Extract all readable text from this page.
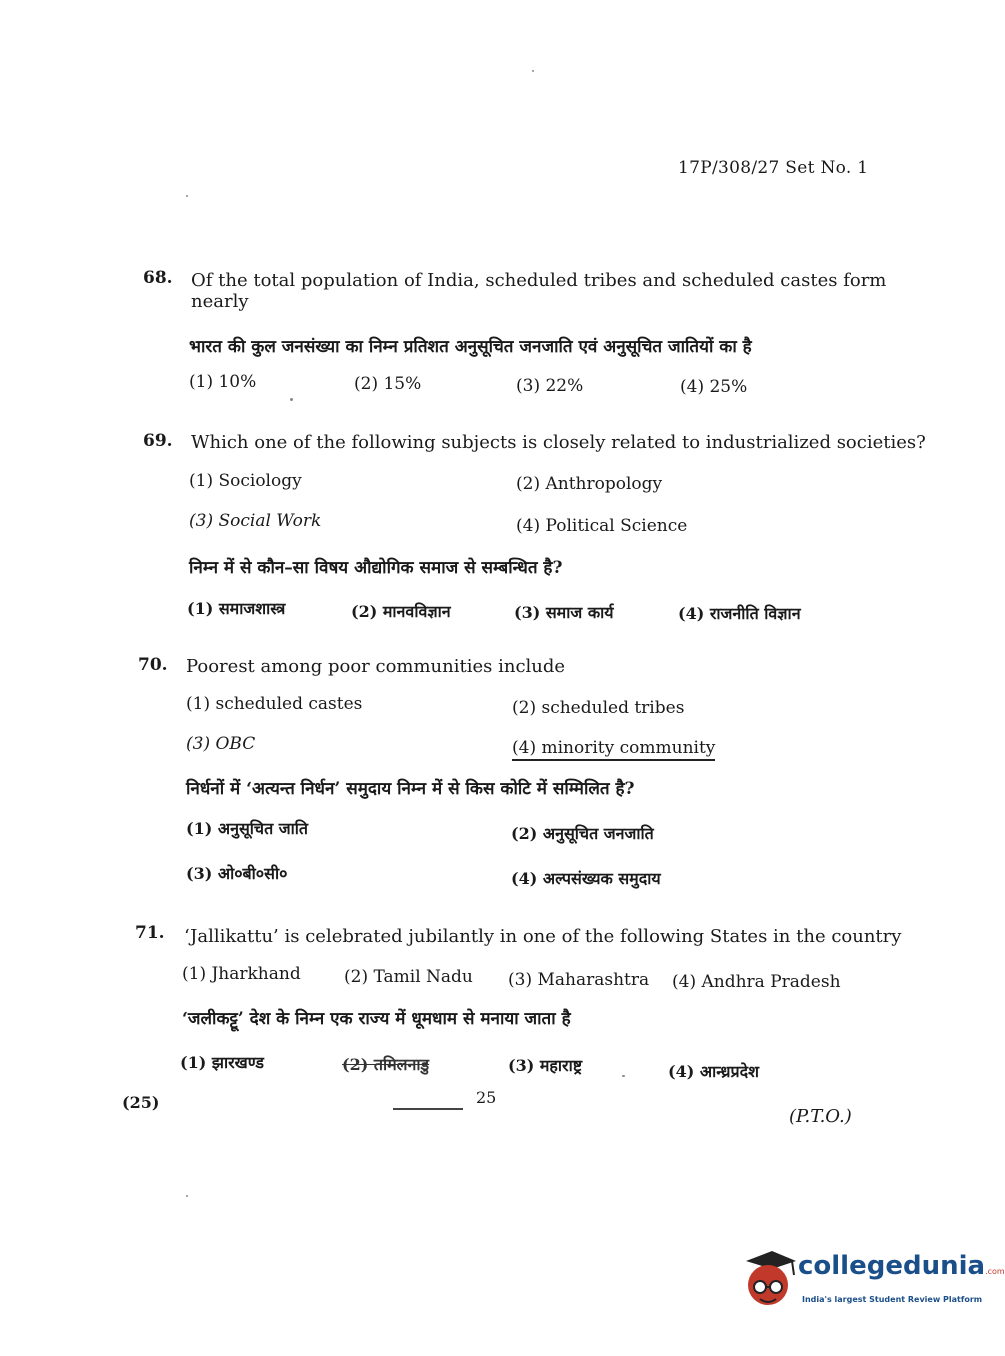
17P/308/27 Set No. 1
68. Of the total population of India, scheduled tribes and scheduled castes form
nearly
भारत की कुल जनसंख्या का निम्न प्रतिशत अनुसूचित जनजाति एवं अनुसूचित जातियों का है
(1) 10%	(2) 15%	(3) 22%	(4) 25%
69. Which one of the following subjects is closely related to industrialized societies?
(1) Sociology	(2) Anthropology
(3) Social Work	(4) Political Science
निम्न में से कौन–सा विषय औद्योगिक समाज से सम्बन्धित है?
(1) समाजशास्त्र	(2) मानवविज्ञान	(3) समाज कार्य	(4) राजनीति विज्ञान
70. Poorest among poor communities include
(1) scheduled castes	(2) scheduled tribes
(3) OBC	(4) minority community
निर्धनों में ‘अत्यन्त निर्धन’ समुदाय निम्न में से किस कोटि में सम्मिलित है?
(1) अनुसूचित जाति	(2) अनुसूचित जनजाति
(3) ओ०बी०सी०	(4) अल्पसंख्यक समुदाय
71. ‘Jallikattu’ is celebrated jubilantly in one of the following States in the country
(1) Jharkhand	(2) Tamil Nadu (3) Maharashtra (4) Andhra Pradesh
‘जलीकट्टू’ देश के निम्न एक राज्य में धूमधाम से मनाया जाता है
(1) झारखण्ड	(2) तमिलनाडु	(3) महाराष्ट्र	(4) आन्ध्रप्रदेश
(25)	25
(P.T.O.)
collegedunia.com
India's largest Student Review Platform
